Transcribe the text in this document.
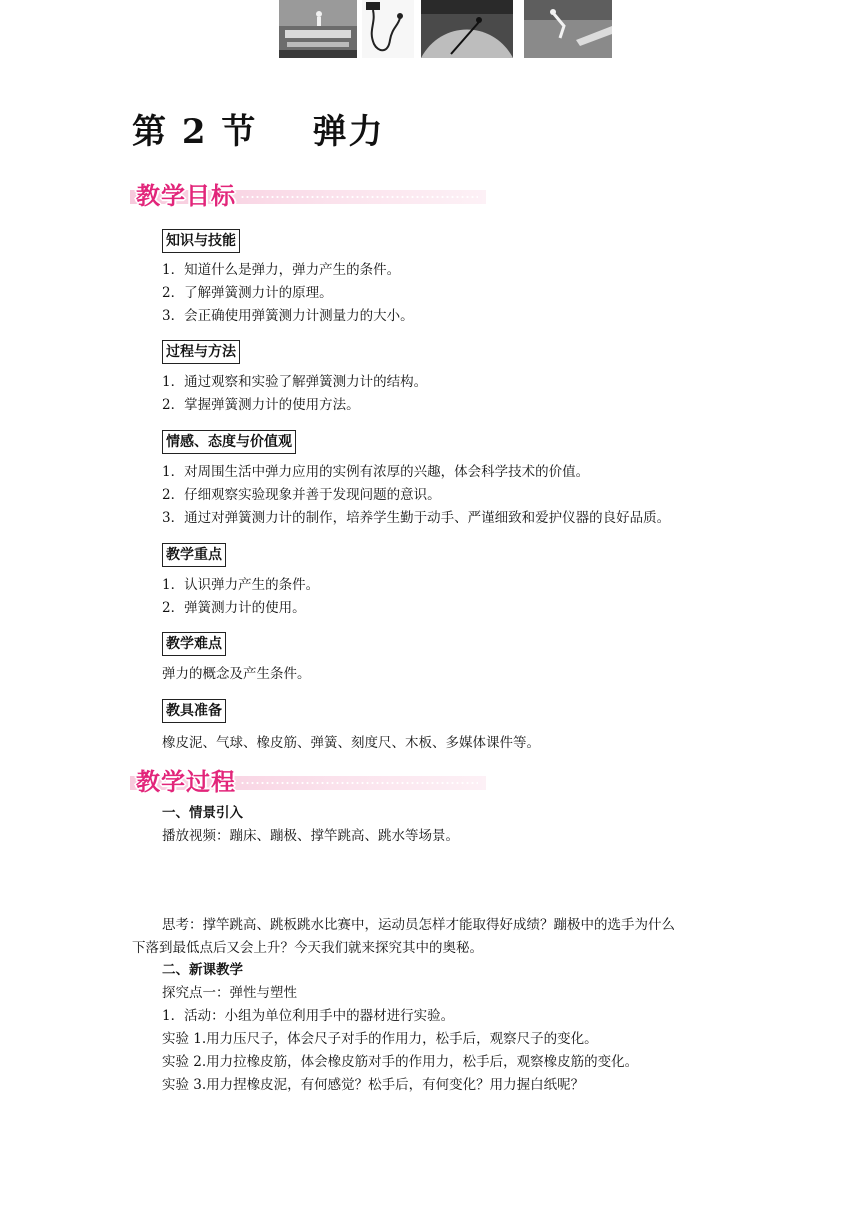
第 2 节    弹力
教学目标
知识与技能
1．知道什么是弹力，弹力产生的条件。
2．了解弹簧测力计的原理。
3．会正确使用弹簧测力计测量力的大小。
过程与方法
1．通过观察和实验了解弹簧测力计的结构。
2．掌握弹簧测力计的使用方法。
情感、态度与价值观
1．对周围生活中弹力应用的实例有浓厚的兴趣，体会科学技术的价值。
2．仔细观察实验现象并善于发现问题的意识。
3．通过对弹簧测力计的制作，培养学生勤于动手、严谨细致和爱护仪器的良好品质。
教学重点
1．认识弹力产生的条件。
2．弹簧测力计的使用。
教学难点
弹力的概念及产生条件。
教具准备
橡皮泥、气球、橡皮筋、弹簧、刻度尺、木板、多媒体课件等。
教学过程
一、情景引入
播放视频：蹦床、蹦极、撑竿跳高、跳水等场景。
思考：撑竿跳高、跳板跳水比赛中，运动员怎样才能取得好成绩？蹦极中的选手为什么
下落到最低点后又会上升？今天我们就来探究其中的奥秘。
二、新课教学
探究点一：弹性与塑性
1．活动：小组为单位利用手中的器材进行实验。
实验 1.用力压尺子，体会尺子对手的作用力，松手后，观察尺子的变化。
实验 2.用力拉橡皮筋，体会橡皮筋对手的作用力，松手后，观察橡皮筋的变化。
实验 3.用力捏橡皮泥，有何感觉？松手后，有何变化？用力握白纸呢？
